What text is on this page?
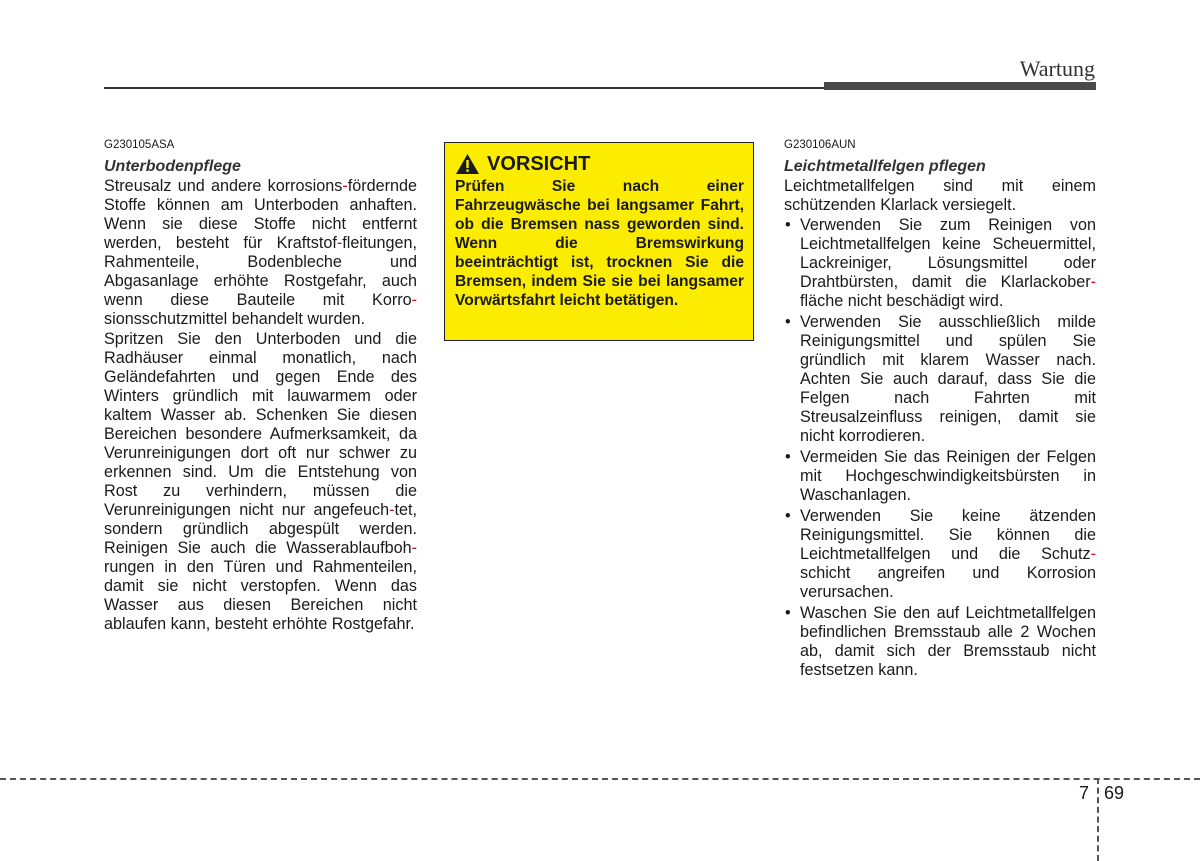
Wartung
G230105ASA
Unterbodenpflege
Streusalz und andere korrosions-fördernde Stoffe können am Unterboden anhaften. Wenn sie diese Stoffe nicht entfernt werden, besteht für Kraftstof-fleitungen, Rahmenteile, Bodenbleche und Abgasanlage erhöhte Rostgefahr, auch wenn diese Bauteile mit Korro-sionsschutzmittel behandelt wurden.
Spritzen Sie den Unterboden und die Radhäuser einmal monatlich, nach Geländefahrten und gegen Ende des Winters gründlich mit lauwarmem oder kaltem Wasser ab. Schenken Sie diesen Bereichen besondere Aufmerksamkeit, da Verunreinigungen dort oft nur schwer zu erkennen sind. Um die Entstehung von Rost zu verhindern, müssen die Verunreinigungen nicht nur angefeuch-tet, sondern gründlich abgespült werden. Reinigen Sie auch die Wasserablaufboh-rungen in den Türen und Rahmenteilen, damit sie nicht verstopfen. Wenn das Wasser aus diesen Bereichen nicht ablaufen kann, besteht erhöhte Rostgefahr.
VORSICHT
Prüfen Sie nach einer Fahrzeugwäsche bei langsamer Fahrt, ob die Bremsen nass geworden sind. Wenn die Bremswirkung beeinträchtigt ist, trocknen Sie die Bremsen, indem Sie sie bei langsamer Vorwärtsfahrt leicht betätigen.
G230106AUN
Leichtmetallfelgen pflegen
Leichtmetallfelgen sind mit einem schützenden Klarlack versiegelt.
• Verwenden Sie zum Reinigen von Leichtmetallfelgen keine Scheuermittel, Lackreiniger, Lösungsmittel oder Drahtbürsten, damit die Klarlackober-fläche nicht beschädigt wird.
• Verwenden Sie ausschließlich milde Reinigungsmittel und spülen Sie gründlich mit klarem Wasser nach. Achten Sie auch darauf, dass Sie die Felgen nach Fahrten mit Streusalzeinfluss reinigen, damit sie nicht korrodieren.
• Vermeiden Sie das Reinigen der Felgen mit Hochgeschwindigkeitsbürsten in Waschanlagen.
• Verwenden Sie keine ätzenden Reinigungsmittel. Sie können die Leichtmetallfelgen und die Schutz-schicht angreifen und Korrosion verursachen.
• Waschen Sie den auf Leichtmetallfelgen befindlichen Bremsstaub alle 2 Wochen ab, damit sich der Bremsstaub nicht festsetzen kann.
7 69
